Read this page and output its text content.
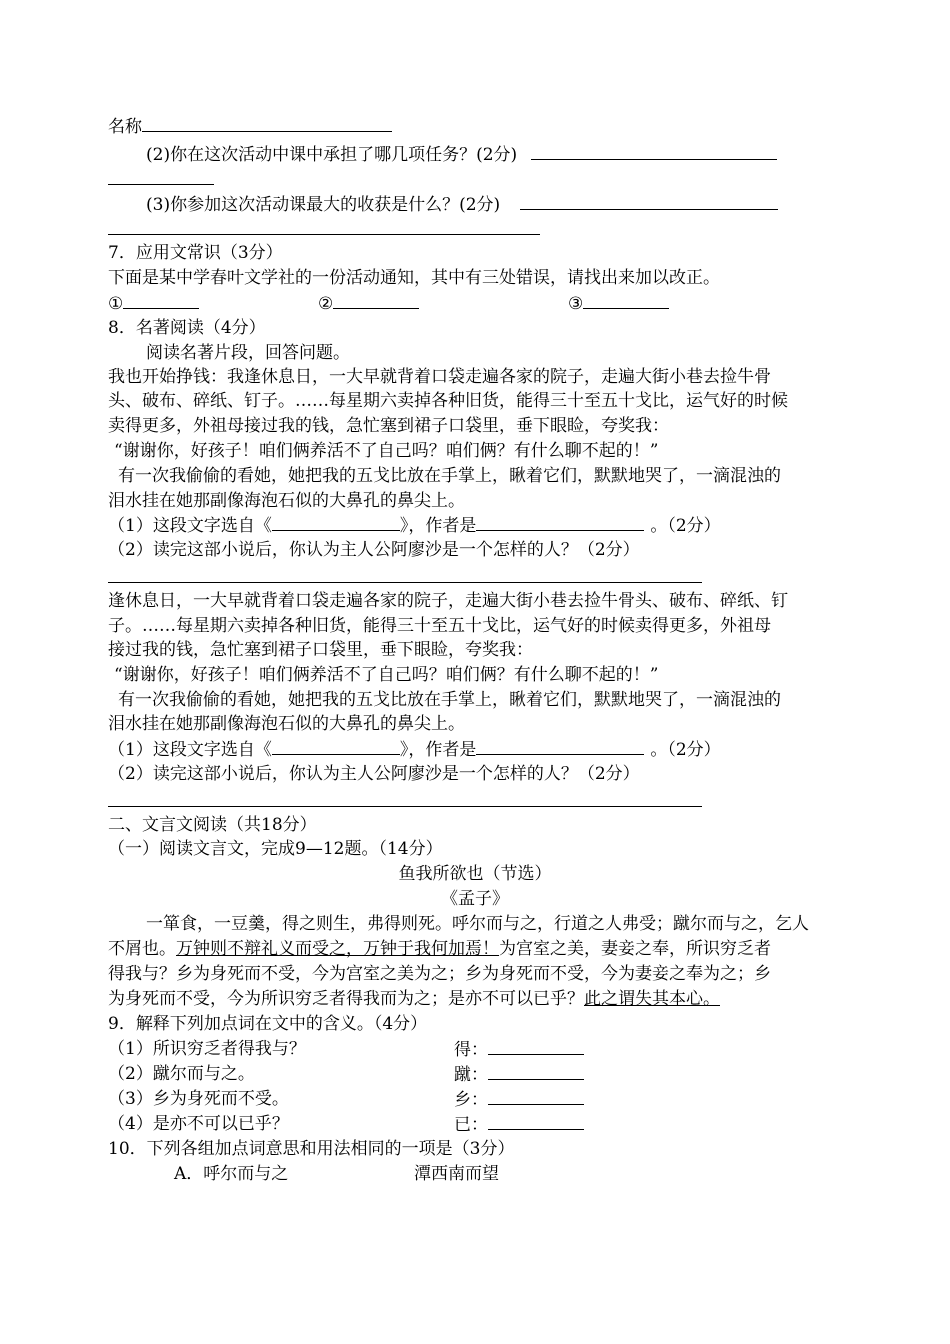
名称
(2)你在这次活动中课中承担了哪几项任务？(2分)
(3)你参加这次活动课最大的收获是什么？(2分)
7．应用文常识（3分）
下面是某中学春叶文学社的一份活动通知，其中有三处错误，请找出来加以改正。
①	②	③
8．名著阅读（4分）
阅读名著片段，回答问题。
我也开始挣钱：我逢休息日，一大早就背着口袋走遍各家的院子，走遍大街小巷去捡牛骨
头、破布、碎纸、钉子。……每星期六卖掉各种旧货，能得三十至五十戈比，运气好的时候
卖得更多，外祖母接过我的钱，急忙塞到裙子口袋里，垂下眼睑，夸奖我：
“谢谢你，好孩子！咱们俩养活不了自己吗？咱们俩？有什么聊不起的！”
有一次我偷偷的看她，她把我的五戈比放在手掌上，瞅着它们，默默地哭了，一滴混浊的
泪水挂在她那副像海泡石似的大鼻孔的鼻尖上。
（1）这段文字选自《	》，作者是	。（2分）
（2）读完这部小说后，你认为主人公阿廖沙是一个怎样的人？（2分）
逢休息日，一大早就背着口袋走遍各家的院子，走遍大街小巷去捡牛骨头、破布、碎纸、钉
子。……每星期六卖掉各种旧货，能得三十至五十戈比，运气好的时候卖得更多，外祖母
接过我的钱，急忙塞到裙子口袋里，垂下眼睑，夸奖我：
“谢谢你，好孩子！咱们俩养活不了自己吗？咱们俩？有什么聊不起的！”
有一次我偷偷的看她，她把我的五戈比放在手掌上，瞅着它们，默默地哭了，一滴混浊的
泪水挂在她那副像海泡石似的大鼻孔的鼻尖上。
（1）这段文字选自《	》，作者是	。（2分）
（2）读完这部小说后，你认为主人公阿廖沙是一个怎样的人？（2分）
二、文言文阅读（共18分）
（一）阅读文言文，完成9—12题。（14分）
鱼我所欲也（节选）
《孟子》
一箪食，一豆羹，得之则生，弗得则死。呼尔而与之，行道之人弗受；蹴尔而与之，乞人
不屑也。万钟则不辩礼义而受之，万钟于我何加焉！为宫室之美，妻妾之奉，所识穷乏者
得我与？乡为身死而不受，今为宫室之美为之；乡为身死而不受，今为妻妾之奉为之；乡
为身死而不受，今为所识穷乏者得我而为之；是亦不可以已乎？此之谓失其本心。
9．解释下列加点词在文中的含义。（4分）
（1）所识穷乏者得我与？	得：
（2）蹴尔而与之。	蹴：
（3）乡为身死而不受。	乡：
（4）是亦不可以已乎？	已：
10．下列各组加点词意思和用法相同的一项是（3分）
A．呼尔而与之	潭西南而望
